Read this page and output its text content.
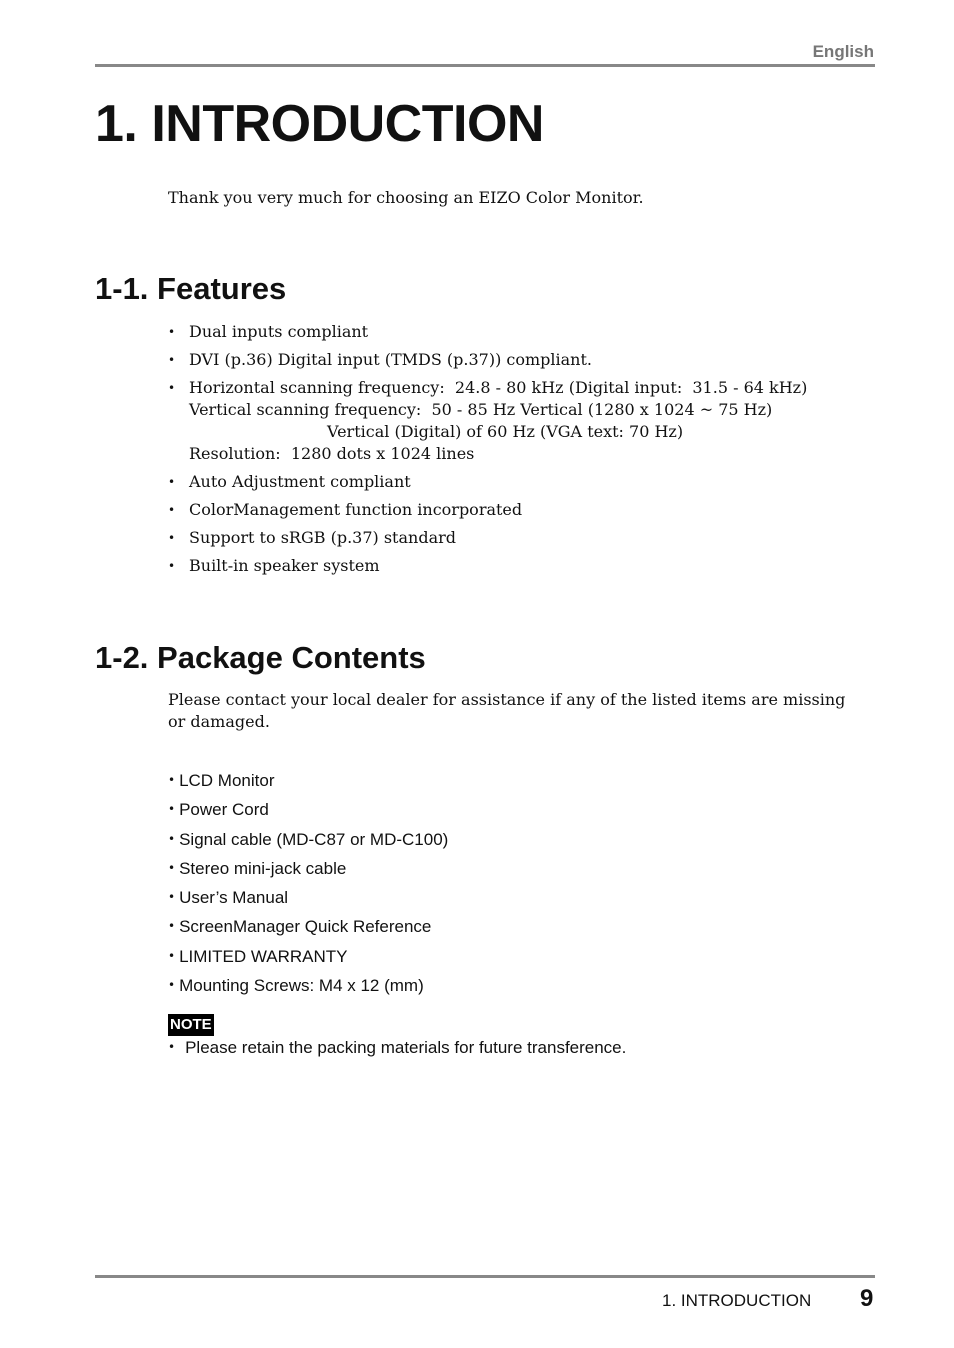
English
1. INTRODUCTION

Thank you very much for choosing an EIZO Color Monitor.

1-1. Features
• Dual inputs compliant
• DVI (p.36) Digital input (TMDS (p.37)) compliant.
• Horizontal scanning frequency:  24.8 - 80 kHz (Digital input:  31.5 - 64 kHz)
Vertical scanning frequency:  50 - 85 Hz Vertical (1280 x 1024 ~ 75 Hz)
Vertical (Digital) of 60 Hz (VGA text: 70 Hz)
Resolution:  1280 dots x 1024 lines
• Auto Adjustment compliant
• ColorManagement function incorporated
• Support to sRGB (p.37) standard
• Built-in speaker system
1-2. Package Contents

Please contact your local dealer for assistance if any of the listed items are missing or damaged.

• LCD Monitor
• Power Cord
• Signal cable (MD-C87 or MD-C100)
• Stereo mini-jack cable
• User’s Manual
• ScreenManager Quick Reference
• LIMITED WARRANTY
• Mounting Screws: M4 x 12 (mm)
NOTE

• Please retain the packing materials for future transference.

1. INTRODUCTION 9
